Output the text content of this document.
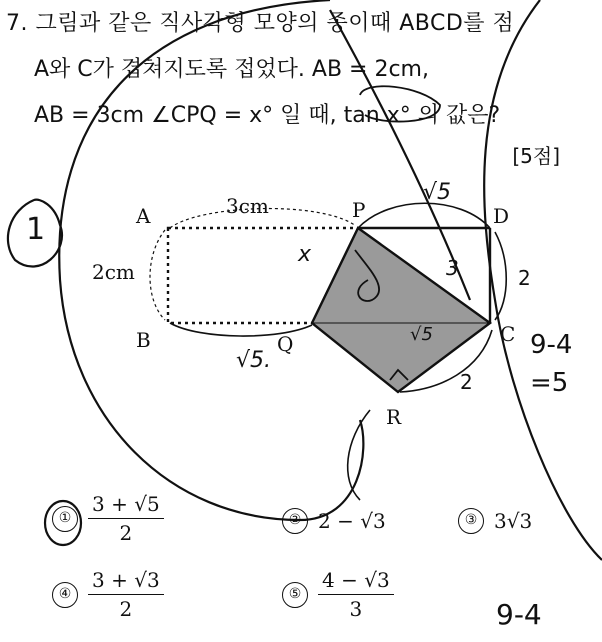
7. 그림과 같은 직사각형 모양의 종이때 ABCD를 점
A와 C가 겹쳐지도록 접었다. AB = 2cm,
AB = 3cm ∠CPQ = x° 일 때, tan x° 의 값은?
[5점]
A
B	C
D
P
Q
R
3cm
2cm
√5
√5.
√5
x
3	2
2
1
9-4
=5
9-4
① $\frac{3 + √5}{2}$	② 2 − √3	③ 3√3
④ $\frac{3 + √3}{2}$	⑤ $\frac{4 - √3}{3}$
